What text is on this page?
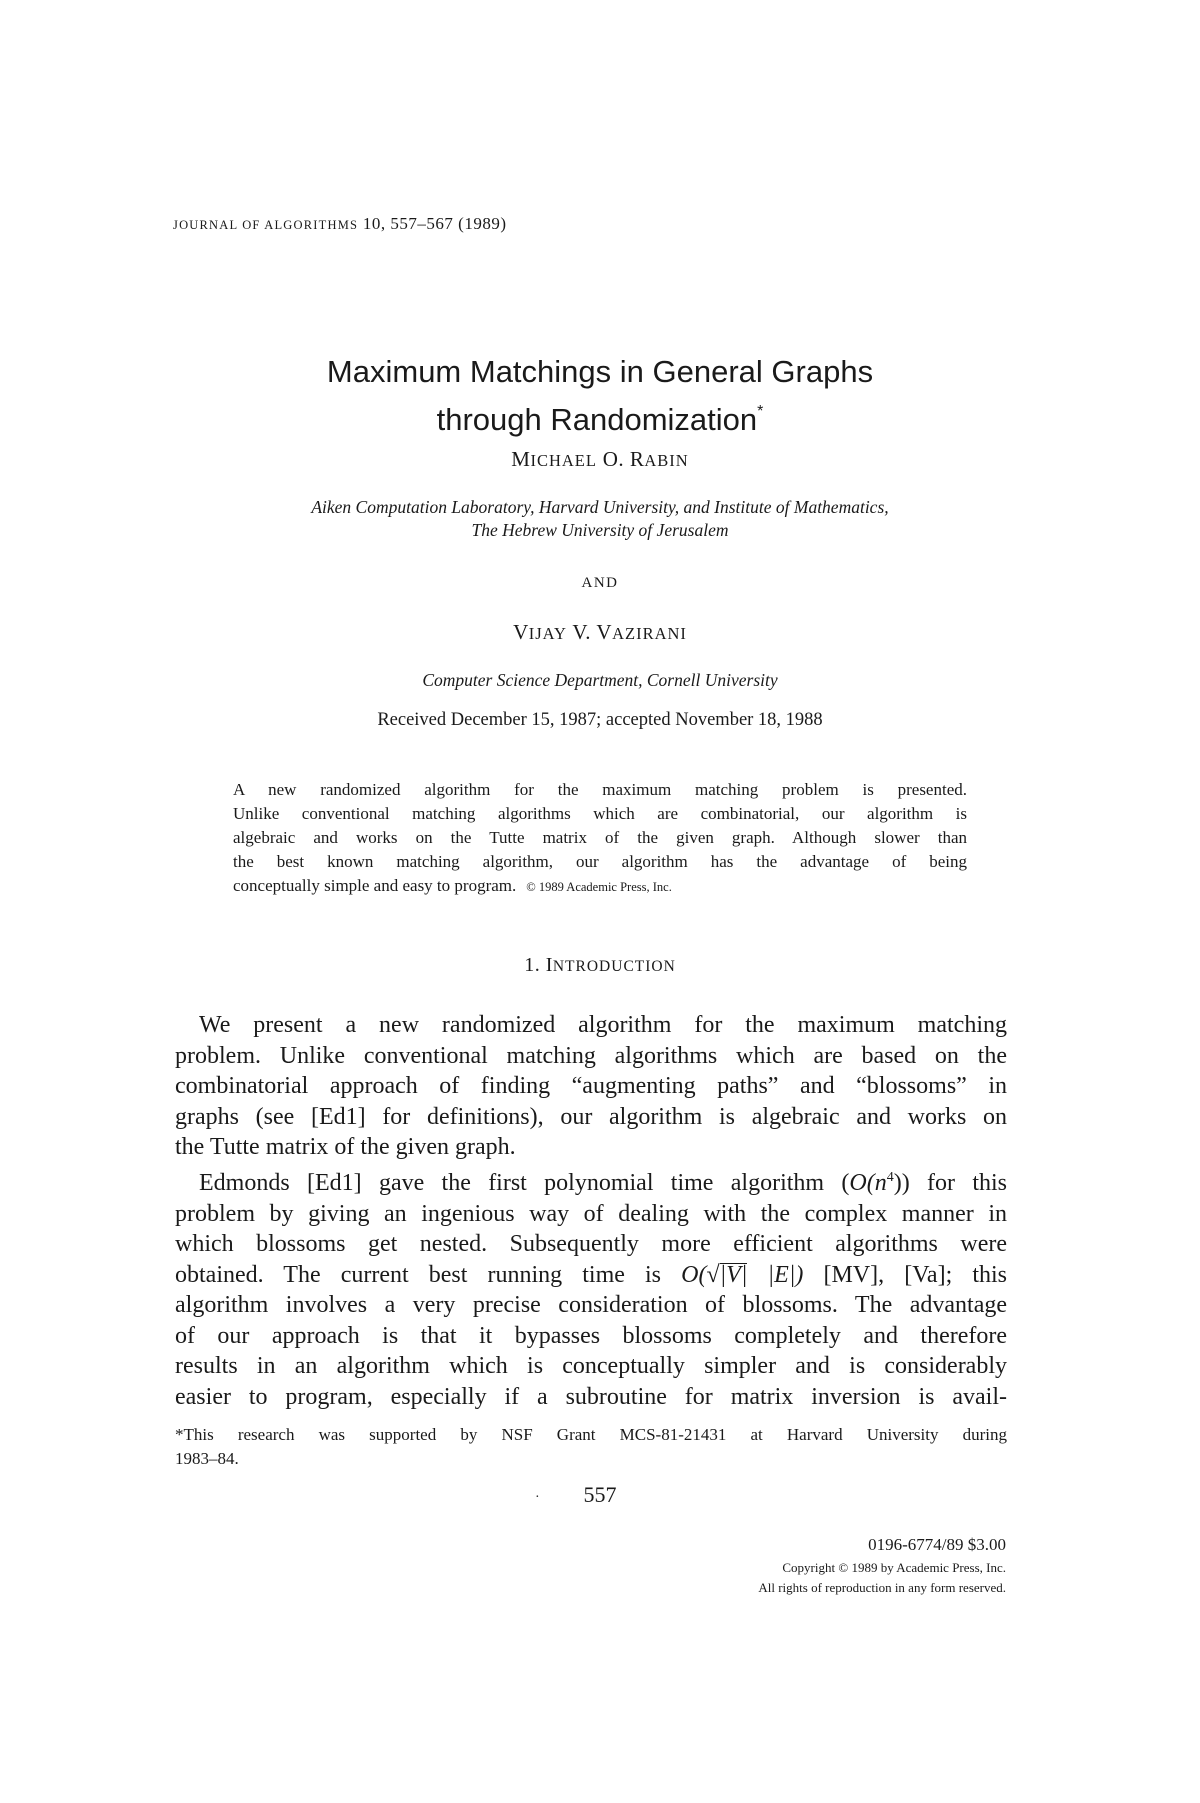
JOURNAL OF ALGORITHMS 10, 557–567 (1989)
Maximum Matchings in General Graphs
through Randomization*
MICHAEL O. RABIN
Aiken Computation Laboratory, Harvard University, and Institute of Mathematics,
The Hebrew University of Jerusalem
AND
VIJAY V. VAZIRANI
Computer Science Department, Cornell University
Received December 15, 1987; accepted November 18, 1988
A new randomized algorithm for the maximum matching problem is presented.
Unlike conventional matching algorithms which are combinatorial, our algorithm is
algebraic and works on the Tutte matrix of the given graph. Although slower than
the best known matching algorithm, our algorithm has the advantage of being
conceptually simple and easy to program. © 1989 Academic Press, Inc.
1. INTRODUCTION
We present a new randomized algorithm for the maximum matching
problem. Unlike conventional matching algorithms which are based on the
combinatorial approach of finding “augmenting paths” and “blossoms” in
graphs (see [Ed1] for definitions), our algorithm is algebraic and works on
the Tutte matrix of the given graph.
Edmonds [Ed1] gave the first polynomial time algorithm $(O(n^4))$ for this
problem by giving an ingenious way of dealing with the complex manner in
which blossoms get nested. Subsequently more efficient algorithms were
obtained. The current best running time is O(√|V| |E|) [MV], [Va]; this
algorithm involves a very precise consideration of blossoms. The advantage
of our approach is that it bypasses blossoms completely and therefore
results in an algorithm which is conceptually simpler and is considerably
easier to program, especially if a subroutine for matrix inversion is avail-
*This research was supported by NSF Grant MCS-81-21431 at Harvard University during
1983–84.
·	557
0196-6774/89 $3.00
Copyright © 1989 by Academic Press, Inc.
All rights of reproduction in any form reserved.
